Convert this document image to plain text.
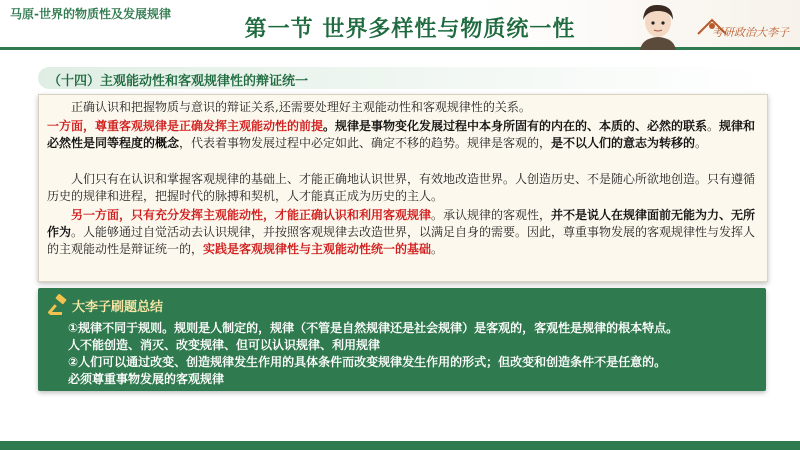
马原-世界的物质性及发展规律
第一节 世界多样性与物质统一性	考研政治大李子
（十四）主观能动性和客观规律性的辩证统一

正确认识和把握物质与意识的辩证关系,还需要处理好主观能动性和客观规律性的关系。

一方面，尊重客观规律是正确发挥主观能动性的前提。规律是事物变化发展过程中本身所固有的内在的、本质的、必然的联系。规律和必然性是同等程度的概念，代表着事物发展过程中必定如此、确定不移的趋势。规律是客观的，是不以人们的意志为转移的。

人们只有在认识和掌握客观规律的基础上、才能正确地认识世界，有效地改造世界。人创造历史、不是随心所欲地创造。只有遵循历史的规律和进程，把握时代的脉搏和契机，人才能真正成为历史的主人。

另一方面，只有充分发挥主观能动性，才能正确认识和利用客观规律。承认规律的客观性，并不是说人在规律面前无能为力、无所作为。人能够通过自觉活动去认识规律，并按照客观规律去改造世界，以满足自身的需要。因此，尊重事物发展的客观规律性与发挥人的主观能动性是辩证统一的，实践是客观规律性与主观能动性统一的基础。

大李子刷题总结
①规律不同于规则。规则是人制定的，规律（不管是自然规律还是社会规律）是客观的，客观性是规律的根本特点。
人不能创造、消灭、改变规律、但可以认识规律、利用规律
②人们可以通过改变、创造规律发生作用的具体条件而改变规律发生作用的形式；但改变和创造条件不是任意的。
必须尊重事物发展的客观规律
